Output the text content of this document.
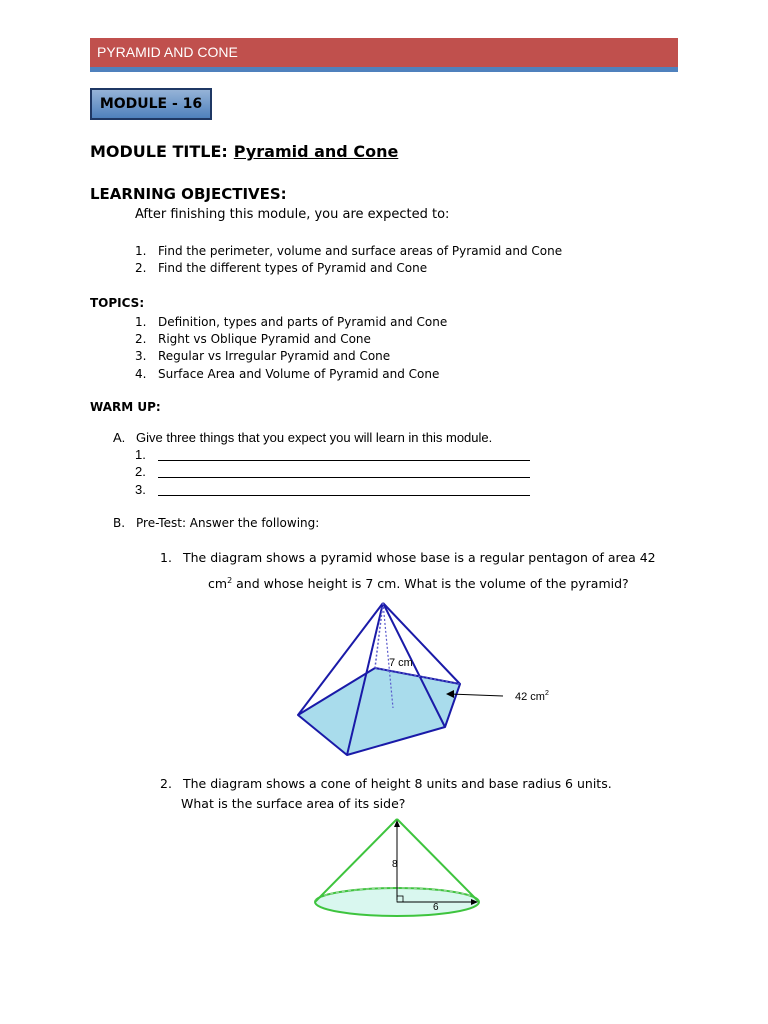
PYRAMID AND CONE
MODULE - 16
MODULE TITLE: Pyramid and Cone
LEARNING OBJECTIVES:
After finishing this module, you are expected to:
1. Find the perimeter, volume and surface areas of Pyramid and Cone
2. Find the different types of Pyramid and Cone
TOPICS:
1. Definition, types and parts of Pyramid and Cone
2. Right vs Oblique Pyramid and Cone
3. Regular vs Irregular Pyramid and Cone
4. Surface Area and Volume of Pyramid and Cone
WARM UP:
A. Give three things that you expect you will learn in this module.
1.
2.
3.
B. Pre-Test: Answer the following:
1. The diagram shows a pyramid whose base is a regular pentagon of area 42
$cm^2$ and whose height is 7 cm. What is the volume of the pyramid?
7 cm
42 $cm^2$
2. The diagram shows a cone of height 8 units and base radius 6 units.
What is the surface area of its side?
8
6
